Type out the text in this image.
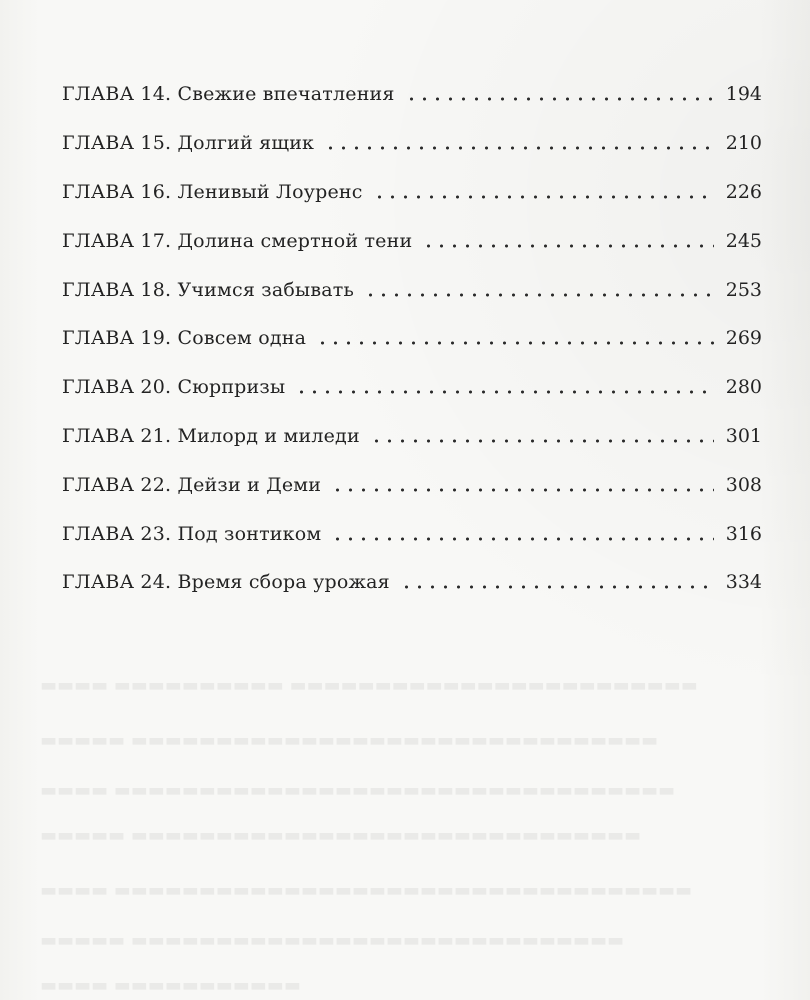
▬▬▬▬ ▬▬▬▬▬▬▬▬▬▬ ▬▬▬▬▬▬▬▬▬▬▬▬▬▬▬▬▬▬▬▬▬▬▬▬
▬▬▬▬▬ ▬▬▬▬▬▬▬▬▬▬▬▬▬▬▬▬▬▬▬▬▬▬▬▬▬▬▬▬▬▬▬
▬▬▬▬ ▬▬▬▬▬▬▬▬▬▬▬▬▬▬▬▬▬▬▬▬▬▬▬▬▬▬▬▬▬▬▬▬▬
▬▬▬▬▬ ▬▬▬▬▬▬▬▬▬▬▬▬▬▬▬▬▬▬▬▬▬▬▬▬▬▬▬▬▬▬
▬▬▬▬ ▬▬▬▬▬▬▬▬▬▬▬▬▬▬▬▬▬▬▬▬▬▬▬▬▬▬▬▬▬▬▬▬▬▬
▬▬▬▬▬ ▬▬▬▬▬▬▬▬▬▬▬▬▬▬▬▬▬▬▬▬▬▬▬▬▬▬▬▬▬
▬▬▬▬ ▬▬▬▬▬▬▬▬▬▬▬
ГЛАВА 14. Свежие впечатления	194
ГЛАВА 15. Долгий ящик	210
ГЛАВА 16. Ленивый Лоуренс	226
ГЛАВА 17. Долина смертной тени	245
ГЛАВА 18. Учимся забывать	253
ГЛАВА 19. Совсем одна	269
ГЛАВА 20. Сюрпризы	280
ГЛАВА 21. Милорд и миледи	301
ГЛАВА 22. Дейзи и Деми	308
ГЛАВА 23. Под зонтиком	316
ГЛАВА 24. Время сбора урожая	334
